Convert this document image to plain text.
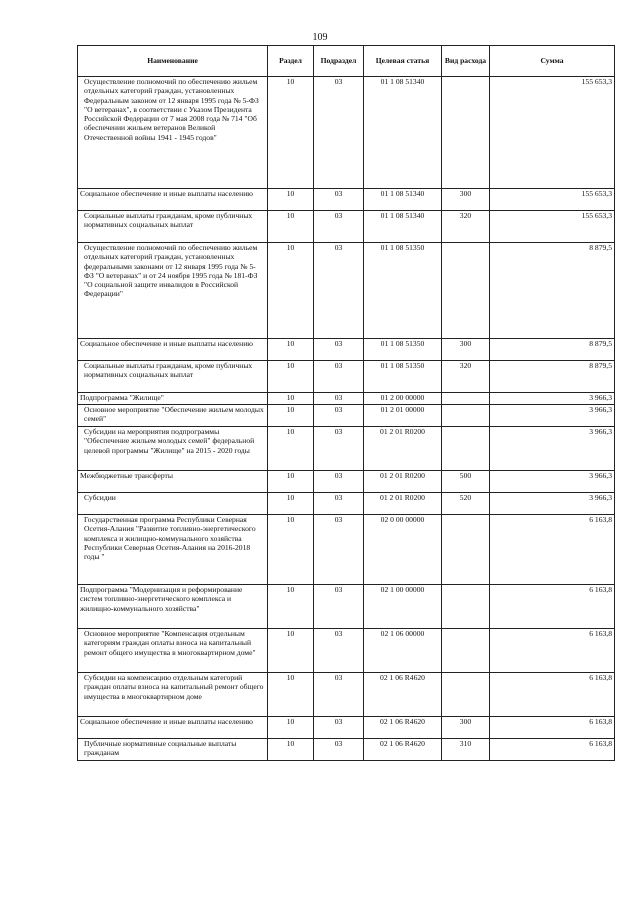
109
Наименование	Раздел	Подраздел	Целевая статья	Вид расхода	Сумма

Осуществление полномочий по обеспечению жильем отдельных категорий граждан, установленных Федеральным законом от 12 января 1995 года № 5-ФЗ "О ветеранах", в соответствии с Указом Президента Российской Федерации от 7 мая 2008 года № 714 "Об обеспечении жильем ветеранов Великой Отечественной войны 1941 - 1945 годов"	10	03	01 1 08 51340		155 653,3

Социальное обеспечение и иные выплаты населению	10	03	01 1 08 51340	300	155 653,3

Социальные выплаты гражданам, кроме публичных нормативных социальных выплат	10	03	01 1 08 51340	320	155 653,3

Осуществление полномочий по обеспечению жильем отдельных категорий граждан, установленных федеральными законами от 12 января 1995 года № 5-ФЗ "О ветеранах" и от 24 ноября 1995 года № 181-ФЗ "О социальной защите инвалидов в Российской Федерации"	10	03	01 1 08 51350		8 879,5

Социальное обеспечение и иные выплаты населению	10	03	01 1 08 51350	300	8 879,5

Социальные выплаты гражданам, кроме публичных нормативных социальных выплат	10	03	01 1 08 51350	320	8 879,5

Подпрограмма "Жилище"	10	03	01 2 00 00000		3 966,3

Основное мероприятие "Обеспечение жильем молодых семей"	10	03	01 2 01 00000		3 966,3

Субсидии на мероприятия подпрограммы "Обеспечение жильем молодых семей" федеральной целевой программы "Жилище" на 2015 - 2020 годы	10	03	01 2 01 R0200		3 966,3

Межбюджетные трансферты	10	03	01 2 01 R0200	500	3 966,3

Субсидии	10	03	01 2 01 R0200	520	3 966,3

Государственная программа Республики Северная Осетия-Алания "Развитие топливно-энергетического комплекса и жилищно-коммунального хозяйства Республики Северная Осетия-Алания на 2016-2018 годы "	10	03	02 0 00 00000		6 163,8

Подпрограмма "Модернизация и реформирование систем топливно-энергетического комплекса и жилищно-коммунального хозяйства"	10	03	02 1 00 00000		6 163,8

Основное мероприятие "Компенсация отдельным категориям граждан оплаты взноса на капитальный ремонт общего имущества в многоквартирном доме"	10	03	02 1 06 00000		6 163,8

Субсидии на компенсацию отдельным категорий граждан оплаты взноса на капитальный ремонт общего имущества в многоквартирном доме	10	03	02 1 06 R4620		6 163,8

Социальное обеспечение и иные выплаты населению	10	03	02 1 06 R4620	300	6 163,8

Публичные нормативные социальные выплаты гражданам	10	03	02 1 06 R4620	310	6 163,8
